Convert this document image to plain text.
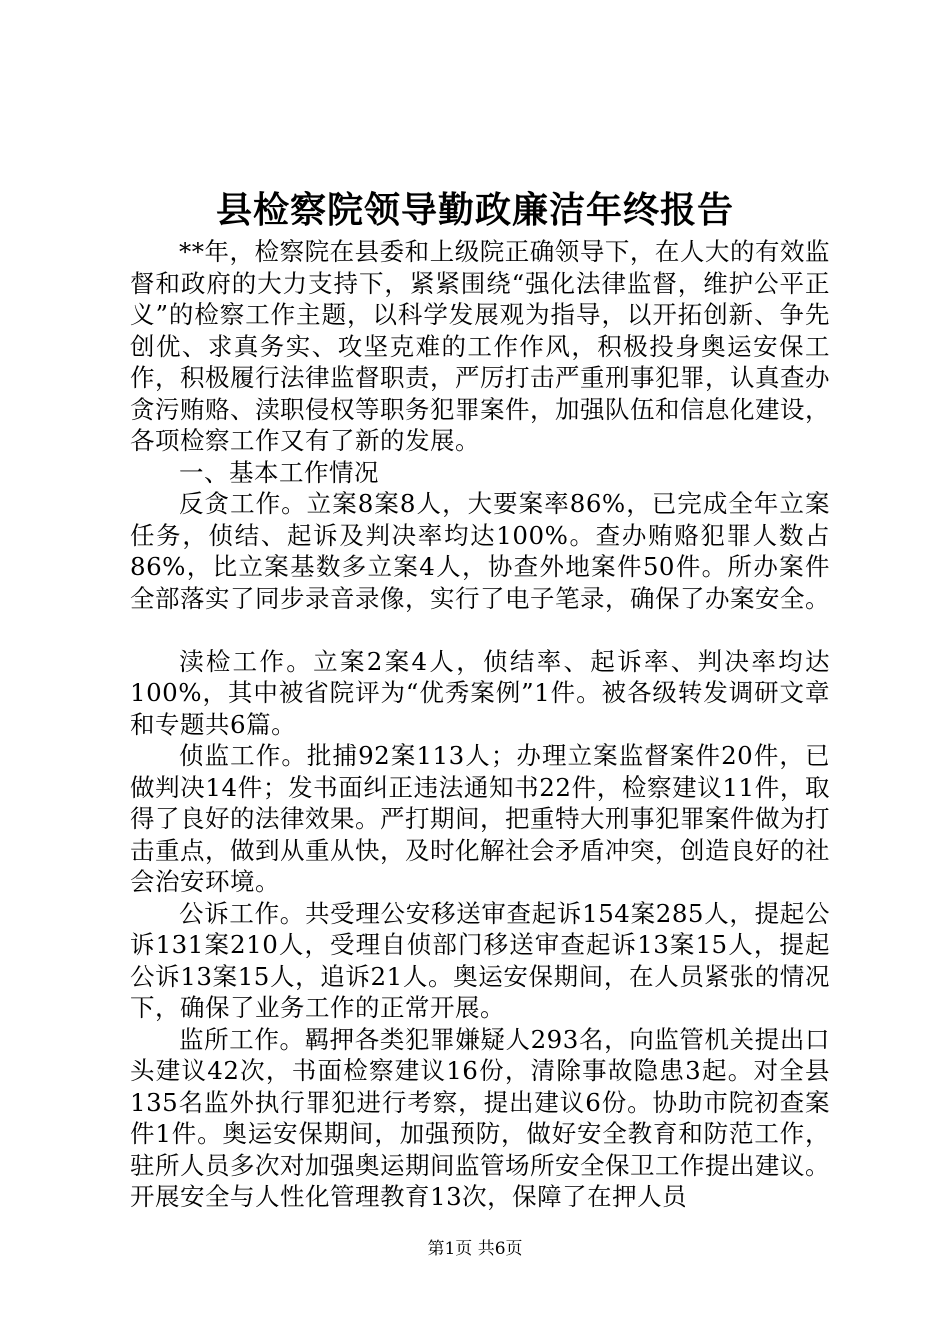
县检察院领导勤政廉洁年终报告

**年，检察院在县委和上级院正确领导下，在人大的有效监督和政府的大力支持下，紧紧围绕“强化法律监督，维护公平正义”的检察工作主题，以科学发展观为指导，以开拓创新、争先创优、求真务实、攻坚克难的工作作风，积极投身奥运安保工作，积极履行法律监督职责，严厉打击严重刑事犯罪，认真查办贪污贿赂、渎职侵权等职务犯罪案件，加强队伍和信息化建设，各项检察工作又有了新的发展。

一、基本工作情况

反贪工作。立案8案8人，大要案率86%，已完成全年立案任务，侦结、起诉及判决率均达100%。查办贿赂犯罪人数占86%，比立案基数多立案4人，协查外地案件50件。所办案件全部落实了同步录音录像，实行了电子笔录，确保了办案安全。

渎检工作。立案2案4人，侦结率、起诉率、判决率均达100%，其中被省院评为“优秀案例”1件。被各级转发调研文章和专题共6篇。

侦监工作。批捕92案113人；办理立案监督案件20件，已做判决14件；发书面纠正违法通知书22件，检察建议11件，取得了良好的法律效果。严打期间，把重特大刑事犯罪案件做为打击重点，做到从重从快，及时化解社会矛盾冲突，创造良好的社会治安环境。

公诉工作。共受理公安移送审查起诉154案285人，提起公诉131案210人，受理自侦部门移送审查起诉13案15人，提起公诉13案15人，追诉21人。奥运安保期间，在人员紧张的情况下，确保了业务工作的正常开展。

监所工作。羁押各类犯罪嫌疑人293名，向监管机关提出口头建议42次，书面检察建议16份，清除事故隐患3起。对全县135名监外执行罪犯进行考察，提出建议6份。协助市院初查案件1件。奥运安保期间，加强预防，做好安全教育和防范工作，驻所人员多次对加强奥运期间监管场所安全保卫工作提出建议。开展安全与人性化管理教育13次，保障了在押人员

第1页 共6页
